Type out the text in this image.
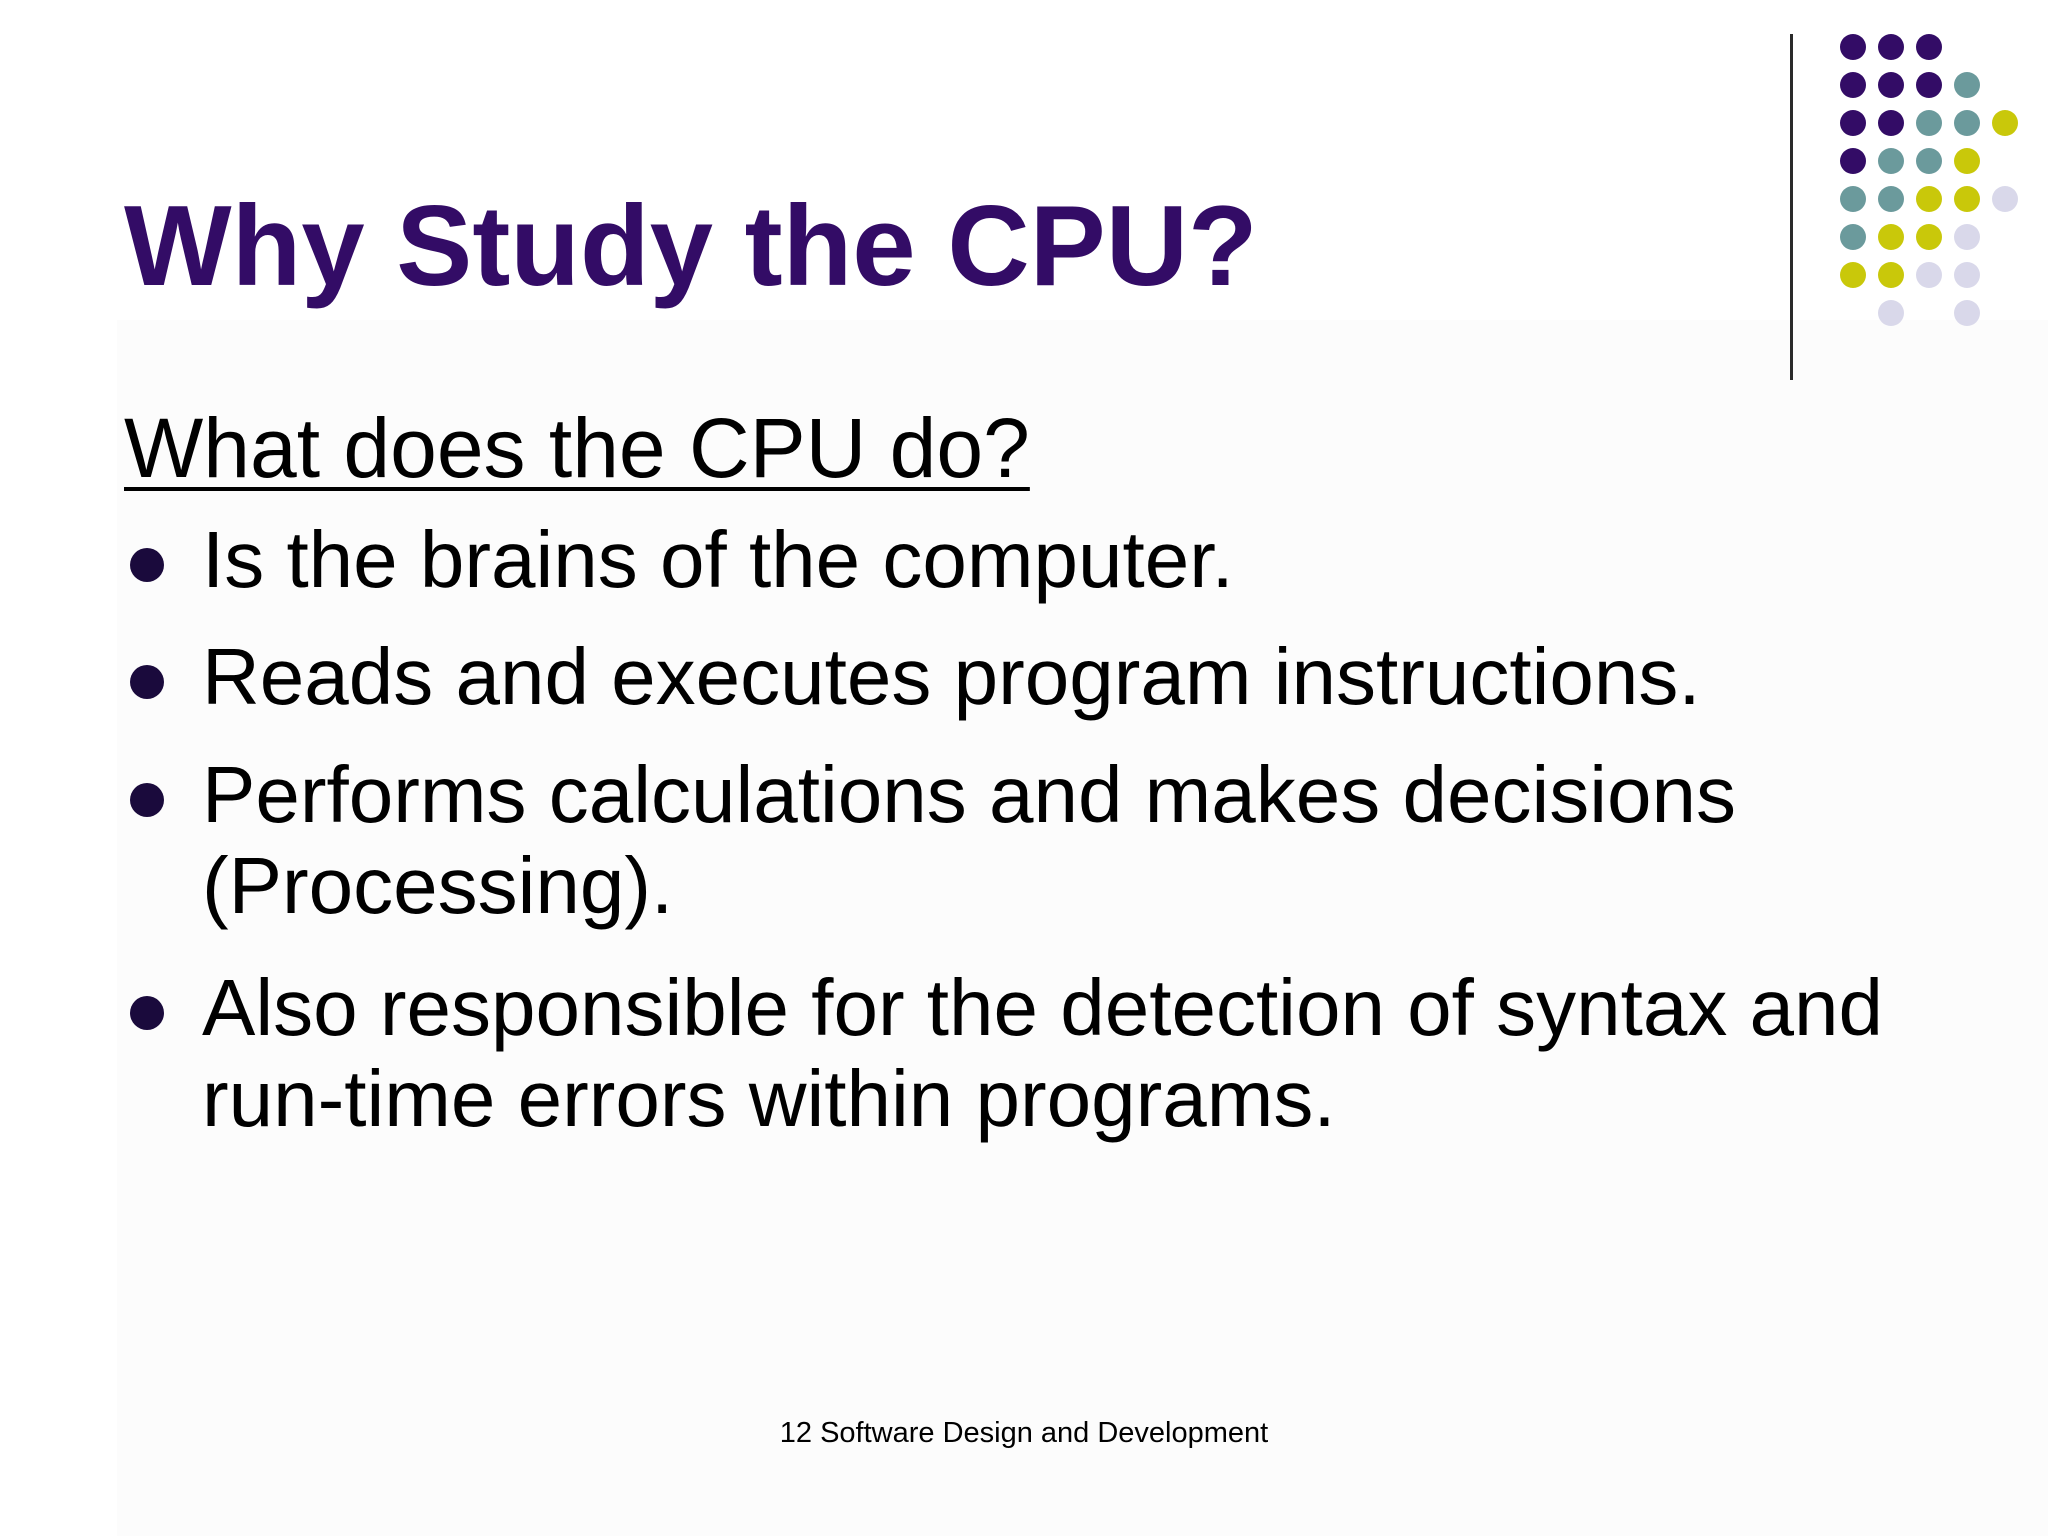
Why Study the CPU?
What does the CPU do?
Is the brains of the computer.
Reads and executes program instructions.
Performs calculations and makes decisions (Processing).
Also responsible for the detection of syntax and run-time errors within programs.
12 Software Design and Development
